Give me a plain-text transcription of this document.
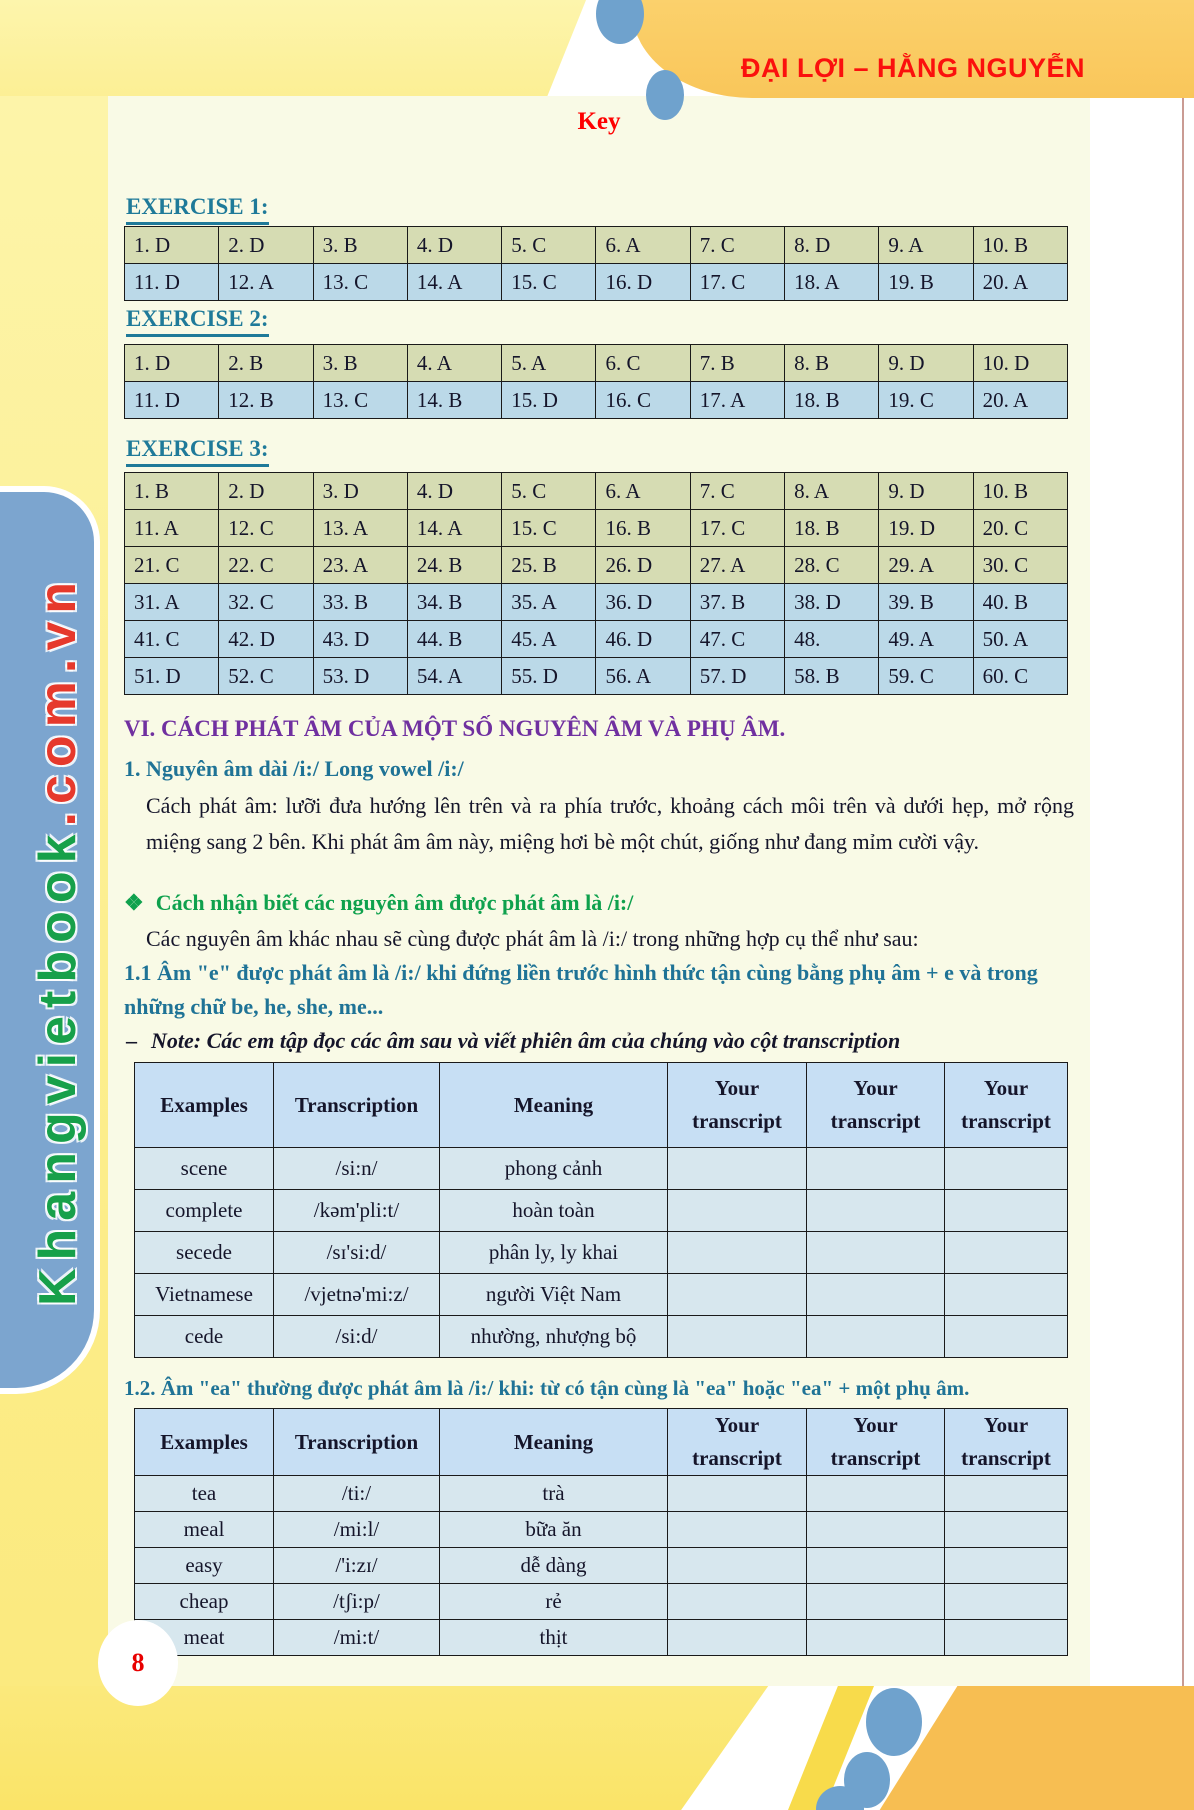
Key
EXERCISE 1:
1. D	2. D	3. B	4. D	5. C	6. A	7. C	8. D	9. A	10. B
11. D	12. A	13. C	14. A	15. C	16. D	17. C	18. A	19. B	20. A
EXERCISE 2:
1. D	2. B	3. B	4. A	5. A	6. C	7. B	8. B	9. D	10. D
11. D	12. B	13. C	14. B	15. D	16. C	17. A	18. B	19. C	20. A
EXERCISE 3:
1. B	2. D	3. D	4. D	5. C	6. A	7. C	8. A	9. D	10. B
11. A	12. C	13. A	14. A	15. C	16. B	17. C	18. B	19. D	20. C
21. C	22. C	23. A	24. B	25. B	26. D	27. A	28. C	29. A	30. C
31. A	32. C	33. B	34. B	35. A	36. D	37. B	38. D	39. B	40. B
41. C	42. D	43. D	44. B	45. A	46. D	47. C	48.	49. A	50. A
51. D	52. C	53. D	54. A	55. D	56. A	57. D	58. B	59. C	60. C
VI. CÁCH PHÁT ÂM CỦA MỘT SỐ NGUYÊN ÂM VÀ PHỤ ÂM.
1. Nguyên âm dài /i:/ Long vowel /i:/
Cách phát âm: lưỡi đưa hướng lên trên và ra phía trước, khoảng cách môi trên và dưới hẹp, mở rộng miệng sang 2 bên. Khi phát âm âm này, miệng hơi bè một chút, giống như đang mỉm cười vậy.
❖ Cách nhận biết các nguyên âm được phát âm là /i:/
Các nguyên âm khác nhau sẽ cùng được phát âm là /i:/ trong những hợp cụ thể như sau:
1.1 Âm "e" được phát âm là /i:/ khi đứng liền trước hình thức tận cùng bằng phụ âm + e và trong những chữ be, he, she, me...
– Note: Các em tập đọc các âm sau và viết phiên âm của chúng vào cột transcription
Examples	Transcription	Meaning	Your transcript	Your transcript	Your transcript
scene	/si:n/	phong cảnh			
complete	/kəm'pli:t/	hoàn toàn			
secede	/sɪ'si:d/	phân ly, ly khai			
Vietnamese	/vjetnə'mi:z/	người Việt Nam			
cede	/si:d/	nhường, nhượng bộ			
1.2. Âm "ea" thường được phát âm là /i:/ khi: từ có tận cùng là "ea" hoặc "ea" + một phụ âm.
Examples	Transcription	Meaning	Your transcript	Your transcript	Your transcript
tea	/ti:/	trà			
meal	/mi:l/	bữa ăn			
easy	/'i:zɪ/	dễ dàng			
cheap	/tʃi:p/	rẻ			
meat	/mi:t/	thịt			
ĐẠI LỢI – HẰNG NGUYỄN
Khangvietbook.com.vn
8
